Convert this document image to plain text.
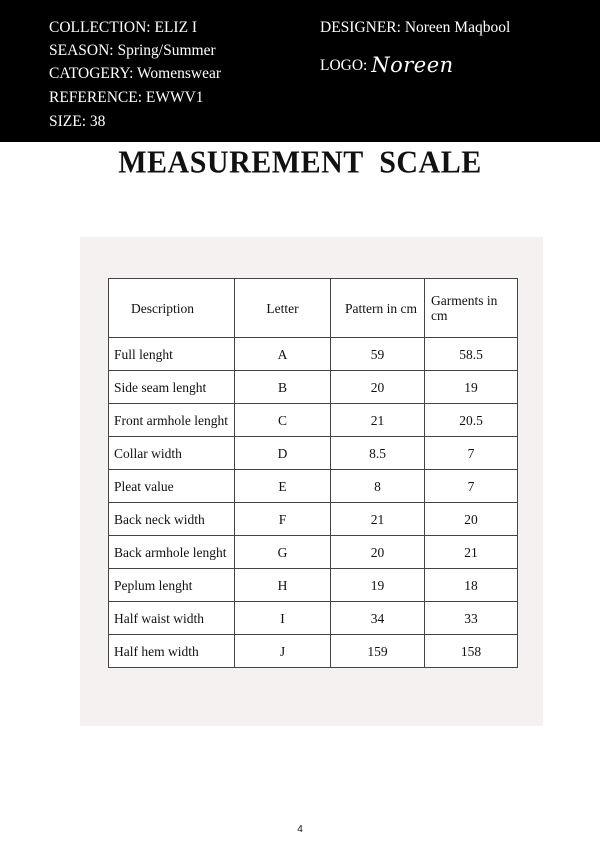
COLLECTION: ELIZ I
SEASON: Spring/Summer
CATOGERY: Womenswear
REFERENCE: EWWV1
SIZE: 38
DESIGNER: Noreen Maqbool
LOGO: Noreen
MEASUREMENT SCALE
Description	Letter	Pattern in cm	Garments in cm
Full lenght	A	59	58.5
Side seam lenght	B	20	19
Front armhole lenght	C	21	20.5
Collar width	D	8.5	7
Pleat value	E	8	7
Back neck width	F	21	20
Back armhole lenght	G	20	21
Peplum lenght	H	19	18
Half waist width	I	34	33
Half hem width	J	159	158
4
